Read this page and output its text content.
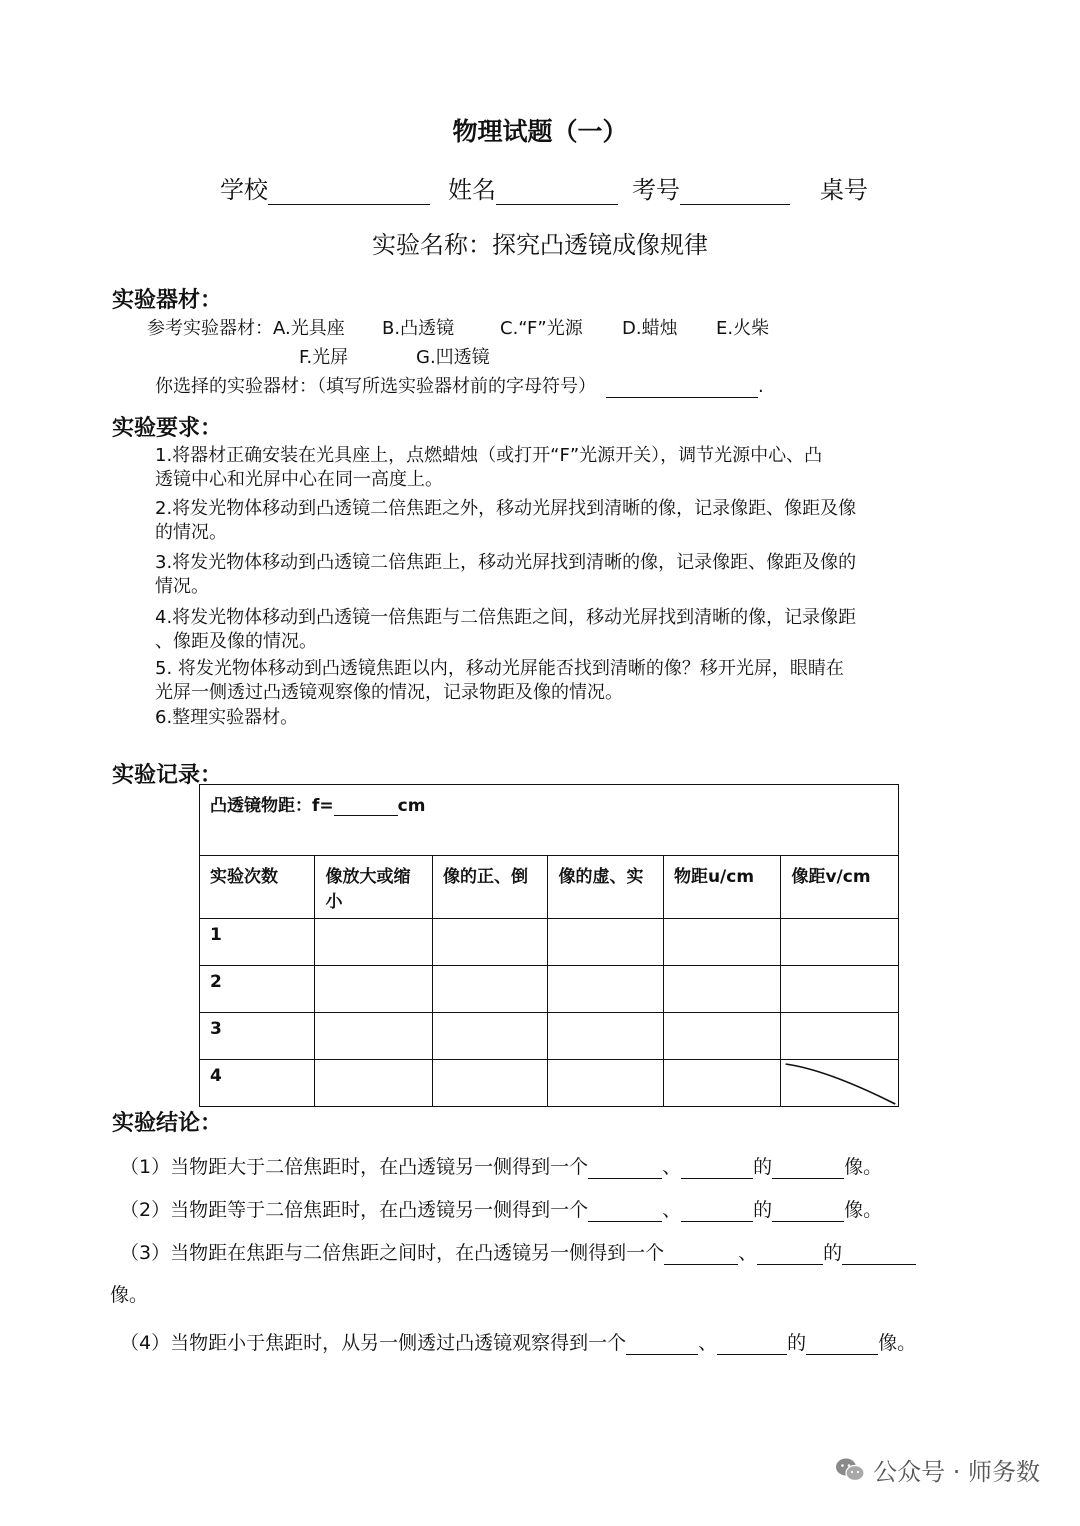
物理试题（一）
学校	姓名	考号	桌号
实验名称：探究凸透镜成像规律
实验器材：
参考实验器材： A.光具座 B.凸透镜	C.“F”光源 D.蜡烛 E.火柴
F.光屏	G.凹透镜
你选择的实验器材：（填写所选实验器材前的字母符号）	.
实验要求：
1.将器材正确安装在光具座上，点燃蜡烛（或打开“F”光源开关），调节光源中心、凸
透镜中心和光屏中心在同一高度上。
2.将发光物体移动到凸透镜二倍焦距之外，移动光屏找到清晰的像，记录像距、像距及像
的情况。
3.将发光物体移动到凸透镜二倍焦距上，移动光屏找到清晰的像，记录像距、像距及像的
情况。
4.将发光物体移动到凸透镜一倍焦距与二倍焦距之间，移动光屏找到清晰的像，记录像距
、像距及像的情况。
5. 将发光物体移动到凸透镜焦距以内，移动光屏能否找到清晰的像？移开光屏，眼睛在
光屏一侧透过凸透镜观察像的情况，记录物距及像的情况。
6.整理实验器材。
实验记录：
凸透镜物距：f= cm					
实验次数	像放大或缩小	像的正、倒	像的虚、实	物距u/cm	像距v/cm
1					
2					
3					
4					
实验结论：
（1）当物距大于二倍焦距时，在凸透镜另一侧得到一个	、	的	像。
（2）当物距等于二倍焦距时，在凸透镜另一侧得到一个	、	的	像。
（3）当物距在焦距与二倍焦距之间时，在凸透镜另一侧得到一个	、	的
像。
（4）当物距小于焦距时，从另一侧透过凸透镜观察得到一个	、	的	像。
公众号 · 师务数
